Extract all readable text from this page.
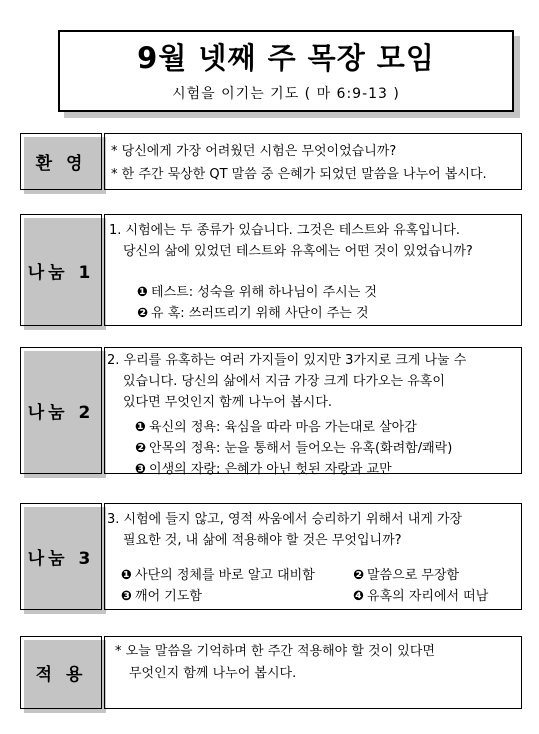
9월 넷째 주 목장 모임
시험을 이기는 기도 ( 마 6:9-13 )
환 영

* 당신에게 가장 어려웠던 시험은 무엇이었습니까?

* 한 주간 묵상한 QT 말씀 중 은혜가 되었던 말씀을 나누어 봅시다.

나눔 1

1. 시험에는 두 종류가 있습니다. 그것은 테스트와 유혹입니다.

당신의 삶에 있었던 테스트와 유혹에는 어떤 것이 있었습니까?

❶ 테스트: 성숙을 위해 하나님이 주시는 것

❷ 유 혹: 쓰러뜨리기 위해 사단이 주는 것

나눔 2

2. 우리를 유혹하는 여러 가지들이 있지만 3가지로 크게 나눌 수

있습니다. 당신의 삶에서 지금 가장 크게 다가오는 유혹이

있다면 무엇인지 함께 나누어 봅시다.

❶ 육신의 정욕: 육심을 따라 마음 가는대로 살아감

❷ 안목의 정욕: 눈을 통해서 들어오는 유혹(화려함/쾌락)

❸ 이생의 자랑: 은혜가 아닌 헛된 자랑과 교만

나눔 3

3. 시험에 들지 않고, 영적 싸움에서 승리하기 위해서 내게 가장

필요한 것, 내 삶에 적용해야 할 것은 무엇입니까?

❶ 사단의 정체를 바로 알고 대비함	❷ 말씀으로 무장함
❸ 깨어 기도함	❹ 유혹의 자리에서 떠남
적 용

* 오늘 말씀을 기억하며 한 주간 적용해야 할 것이 있다면

무엇인지 함께 나누어 봅시다.
